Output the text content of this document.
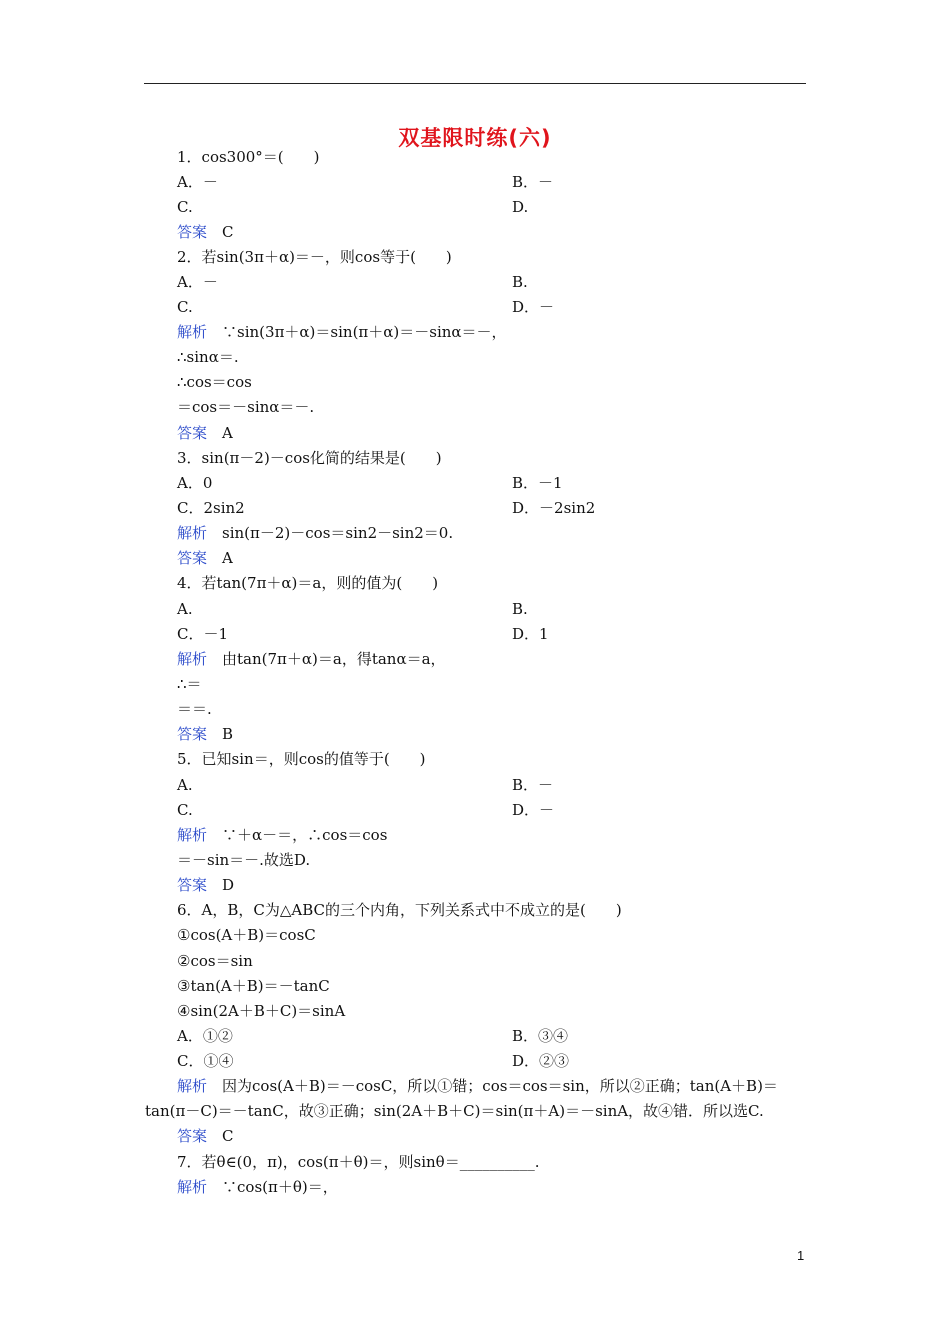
双基限时练(六)
1．cos300°＝(　　)
A．－
C.
答案　C
2．若sin(3π＋α)＝－，则cos等于(　　)
A．－
C.
解析　∵sin(3π＋α)＝sin(π＋α)＝－sinα＝－，
∴sinα＝.
∴cos＝cos
＝cos＝－sinα＝－.
答案　A
3．sin(π－2)－cos化简的结果是(　　)
A．0
C．2sin2
解析　sin(π－2)－cos＝sin2－sin2＝0.
答案　A
4．若tan(7π＋α)＝a，则的值为(　　)
A.
C．－1
解析　由tan(7π＋α)＝a，得tanα＝a，
∴＝
＝＝.
答案　B
5．已知sin＝，则cos的值等于(　　)
A.
C.
解析　∵＋α－＝，∴cos＝cos
＝－sin＝－.故选D.
答案　D
6．A，B，C为△ABC的三个内角，下列关系式中不成立的是(　　)
①cos(A＋B)＝cosC
②cos＝sin
③tan(A＋B)＝－tanC
④sin(2A＋B＋C)＝sinA
A．①②
C．①④
解析　因为cos(A＋B)＝－cosC，所以①错；cos＝cos＝sin，所以②正确；tan(A＋B)＝
tan(π－C)＝－tanC，故③正确；sin(2A＋B＋C)＝sin(π＋A)＝－sinA，故④错．所以选C.
答案　C
7．若θ∈(0，π)，cos(π＋θ)＝，则sinθ＝__________.
解析　∵cos(π＋θ)＝，
B．－
D.
B.
D．－
B．－1
D．－2sin2
B.
D．1
B．－
D．－
B．③④
D．②③
1
